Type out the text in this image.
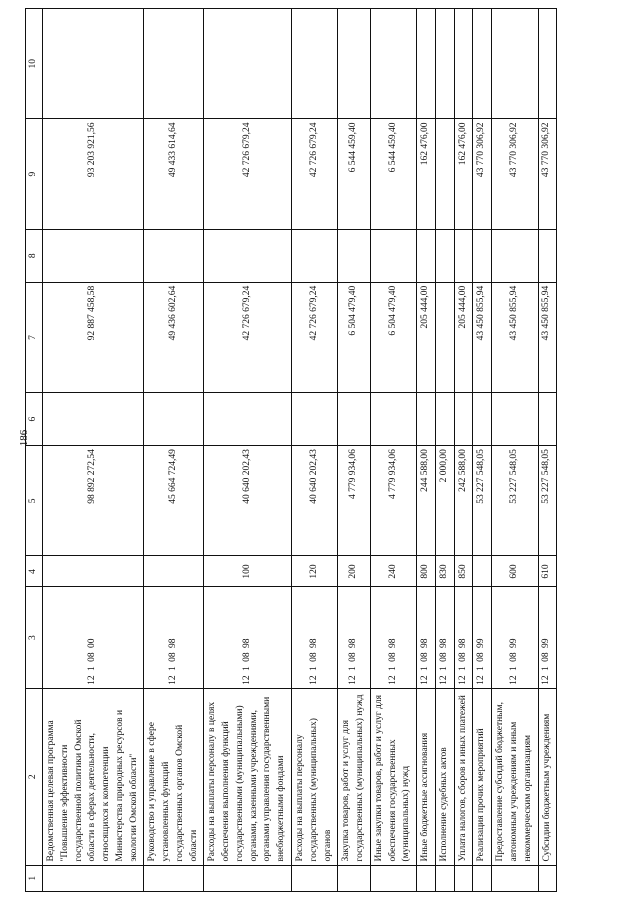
186
1	2	3	4	5	6	7	8	9	10
	Ведомственная целевая программа "Повышение эффективности государственной политики Омской области в сферах деятельности, относящихся к компетенции Министерства природных ресурсов и экологии Омской области"	12 1 08 00		98 892 272,54		92 887 458,58		93 203 921,56	
	Руководство и управление в сфере установленных функций государственных органов Омской области	12 1 08 98		45 664 724,49		49 436 602,64		49 433 614,64	
	Расходы на выплаты персоналу в целях обеспечения выполнения функций государственными (муниципальными) органами, казенными учреждениями, органами управления государственными внебюджетными фондами	12 1 08 98	100	40 640 202,43		42 726 679,24		42 726 679,24	
	Расходы на выплаты персоналу государственных (муниципальных) органов	12 1 08 98	120	40 640 202,43		42 726 679,24		42 726 679,24	
	Закупка товаров, работ и услуг для государственных (муниципальных) нужд	12 1 08 98	200	4 779 934,06		6 504 479,40		6 544 459,40	
	Иные закупки товаров, работ и услуг для обеспечения государственных (муниципальных) нужд	12 1 08 98	240	4 779 934,06		6 504 479,40		6 544 459,40	
	Иные бюджетные ассигнования	12 1 08 98	800	244 588,00		205 444,00		162 476,00	
	Исполнение судебных актов	12 1 08 98	830	2 000,00					
	Уплата налогов, сборов и иных платежей	12 1 08 98	850	242 588,00		205 444,00		162 476,00	
	Реализация прочих мероприятий	12 1 08 99		53 227 548,05		43 450 855,94		43 770 306,92	
	Предоставление субсидий бюджетным, автономным учреждениям и иным некоммерческим организациям	12 1 08 99	600	53 227 548,05		43 450 855,94		43 770 306,92	
	Субсидии бюджетным учреждениям	12 1 08 99	610	53 227 548,05		43 450 855,94		43 770 306,92	
